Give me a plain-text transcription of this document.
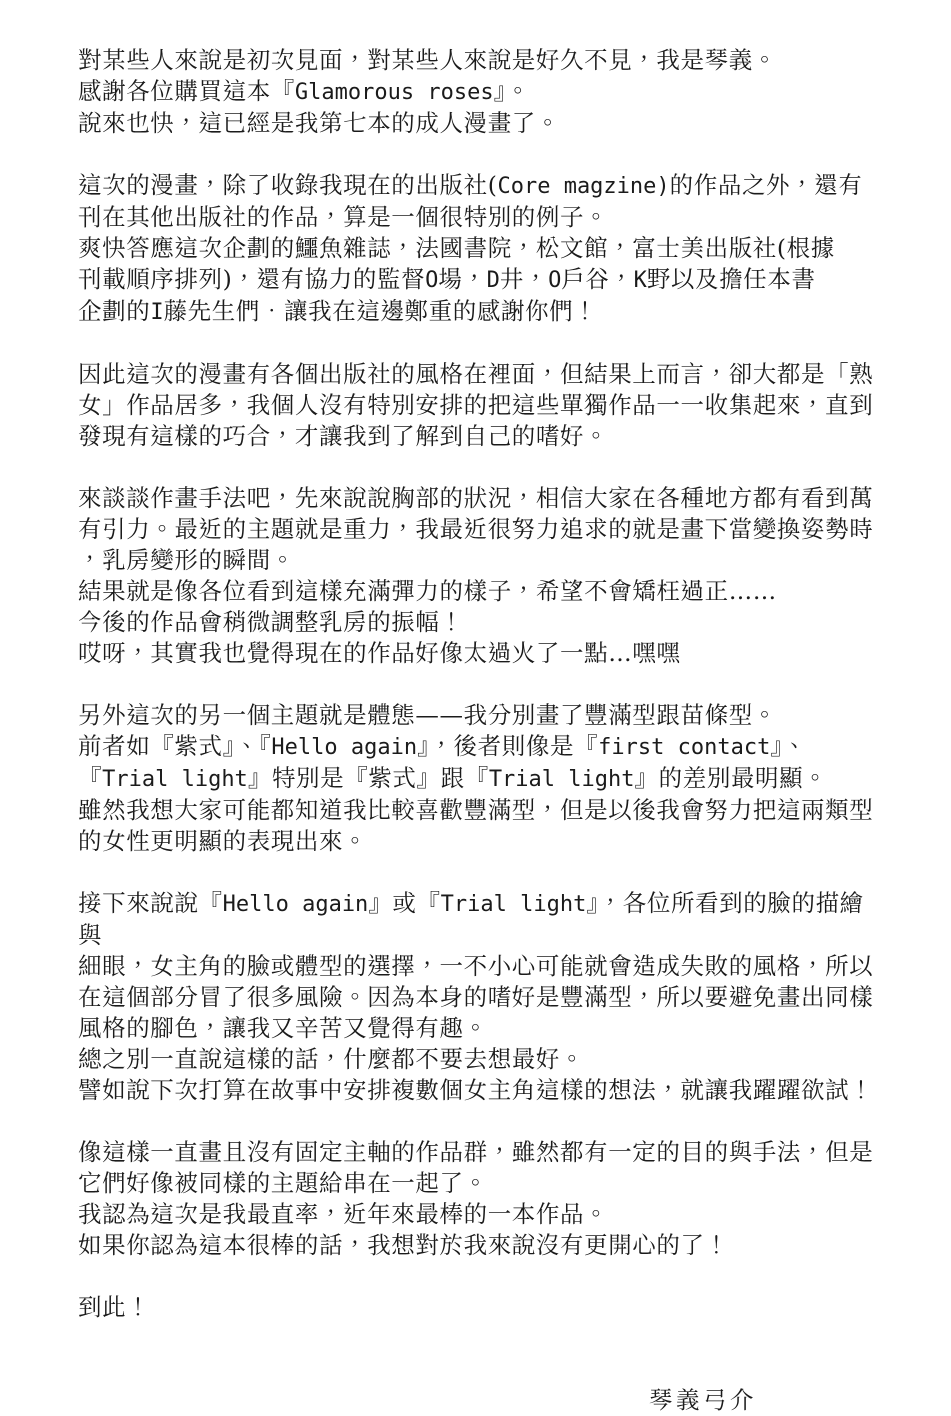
對某些人來說是初次見面，對某些人來說是好久不見，我是琴義。
感謝各位購買這本『Glamorous roses』。
說來也快，這已經是我第七本的成人漫畫了。
這次的漫畫，除了收錄我現在的出版社(Core magzine)的作品之外，還有
刊在其他出版社的作品，算是一個很特別的例子。
爽快答應這次企劃的鱷魚雜誌，法國書院，松文館，富士美出版社(根據
刊載順序排列)，還有協力的監督O場，D井，O戶谷，K野以及擔任本書
企劃的I藤先生們．讓我在這邊鄭重的感謝你們！
因此這次的漫畫有各個出版社的風格在裡面，但結果上而言，卻大都是「熟
女」作品居多，我個人沒有特別安排的把這些單獨作品一一收集起來，直到
發現有這樣的巧合，才讓我到了解到自己的嗜好。
來談談作畫手法吧，先來說說胸部的狀況，相信大家在各種地方都有看到萬
有引力。最近的主題就是重力，我最近很努力追求的就是畫下當變換姿勢時
，乳房變形的瞬間。
結果就是像各位看到這樣充滿彈力的樣子，希望不會矯枉過正……
今後的作品會稍微調整乳房的振幅！
哎呀，其實我也覺得現在的作品好像太過火了一點…嘿嘿
另外這次的另一個主題就是體態——我分別畫了豐滿型跟苗條型。
前者如『紫式』、『Hello again』，後者則像是『first contact』、
『Trial light』特別是『紫式』跟『Trial light』的差別最明顯。
雖然我想大家可能都知道我比較喜歡豐滿型，但是以後我會努力把這兩類型
的女性更明顯的表現出來。
接下來說說『Hello again』或『Trial light』，各位所看到的臉的描繪與
細眼，女主角的臉或體型的選擇，一不小心可能就會造成失敗的風格，所以
在這個部分冒了很多風險。因為本身的嗜好是豐滿型，所以要避免畫出同樣
風格的腳色，讓我又辛苦又覺得有趣。
總之別一直說這樣的話，什麼都不要去想最好。
譬如說下次打算在故事中安排複數個女主角這樣的想法，就讓我躍躍欲試！
像這樣一直畫且沒有固定主軸的作品群，雖然都有一定的目的與手法，但是
它們好像被同樣的主題給串在一起了。
我認為這次是我最直率，近年來最棒的一本作品。
如果你認為這本很棒的話，我想對於我來說沒有更開心的了！
到此！
琴義弓介
